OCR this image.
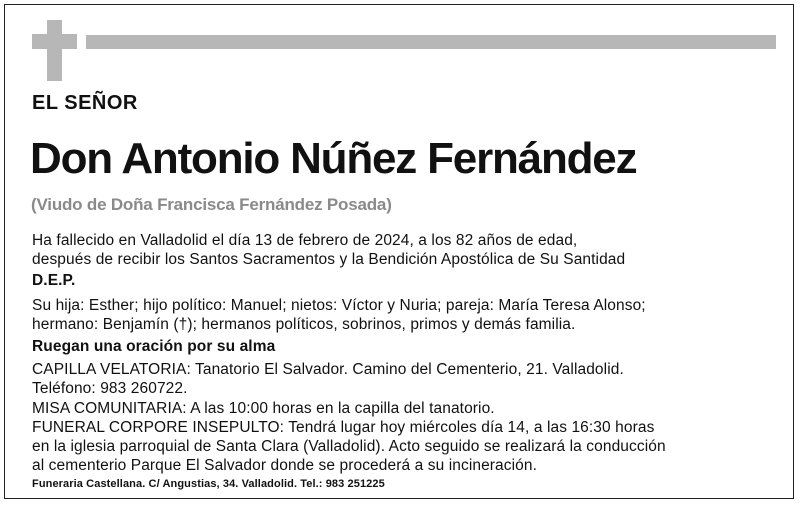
EL SEÑOR
Don Antonio Núñez Fernández
(Viudo de Doña Francisca Fernández Posada)
Ha fallecido en Valladolid el día 13 de febrero de 2024, a los 82 años de edad,
después de recibir los Santos Sacramentos y la Bendición Apostólica de Su Santidad
D.E.P.
Su hija: Esther; hijo político: Manuel; nietos: Víctor y Nuria; pareja: María Teresa Alonso;
hermano: Benjamín (†); hermanos políticos, sobrinos, primos y demás familia.
Ruegan una oración por su alma
CAPILLA VELATORIA: Tanatorio El Salvador. Camino del Cementerio, 21. Valladolid.
Teléfono: 983 260722.
MISA COMUNITARIA: A las 10:00 horas en la capilla del tanatorio.
FUNERAL CORPORE INSEPULTO: Tendrá lugar hoy miércoles día 14, a las 16:30 horas
en la iglesia parroquial de Santa Clara (Valladolid). Acto seguido se realizará la conducción
al cementerio Parque El Salvador donde se procederá a su incineración.
Funeraria Castellana. C/ Angustias, 34. Valladolid. Tel.: 983 251225
